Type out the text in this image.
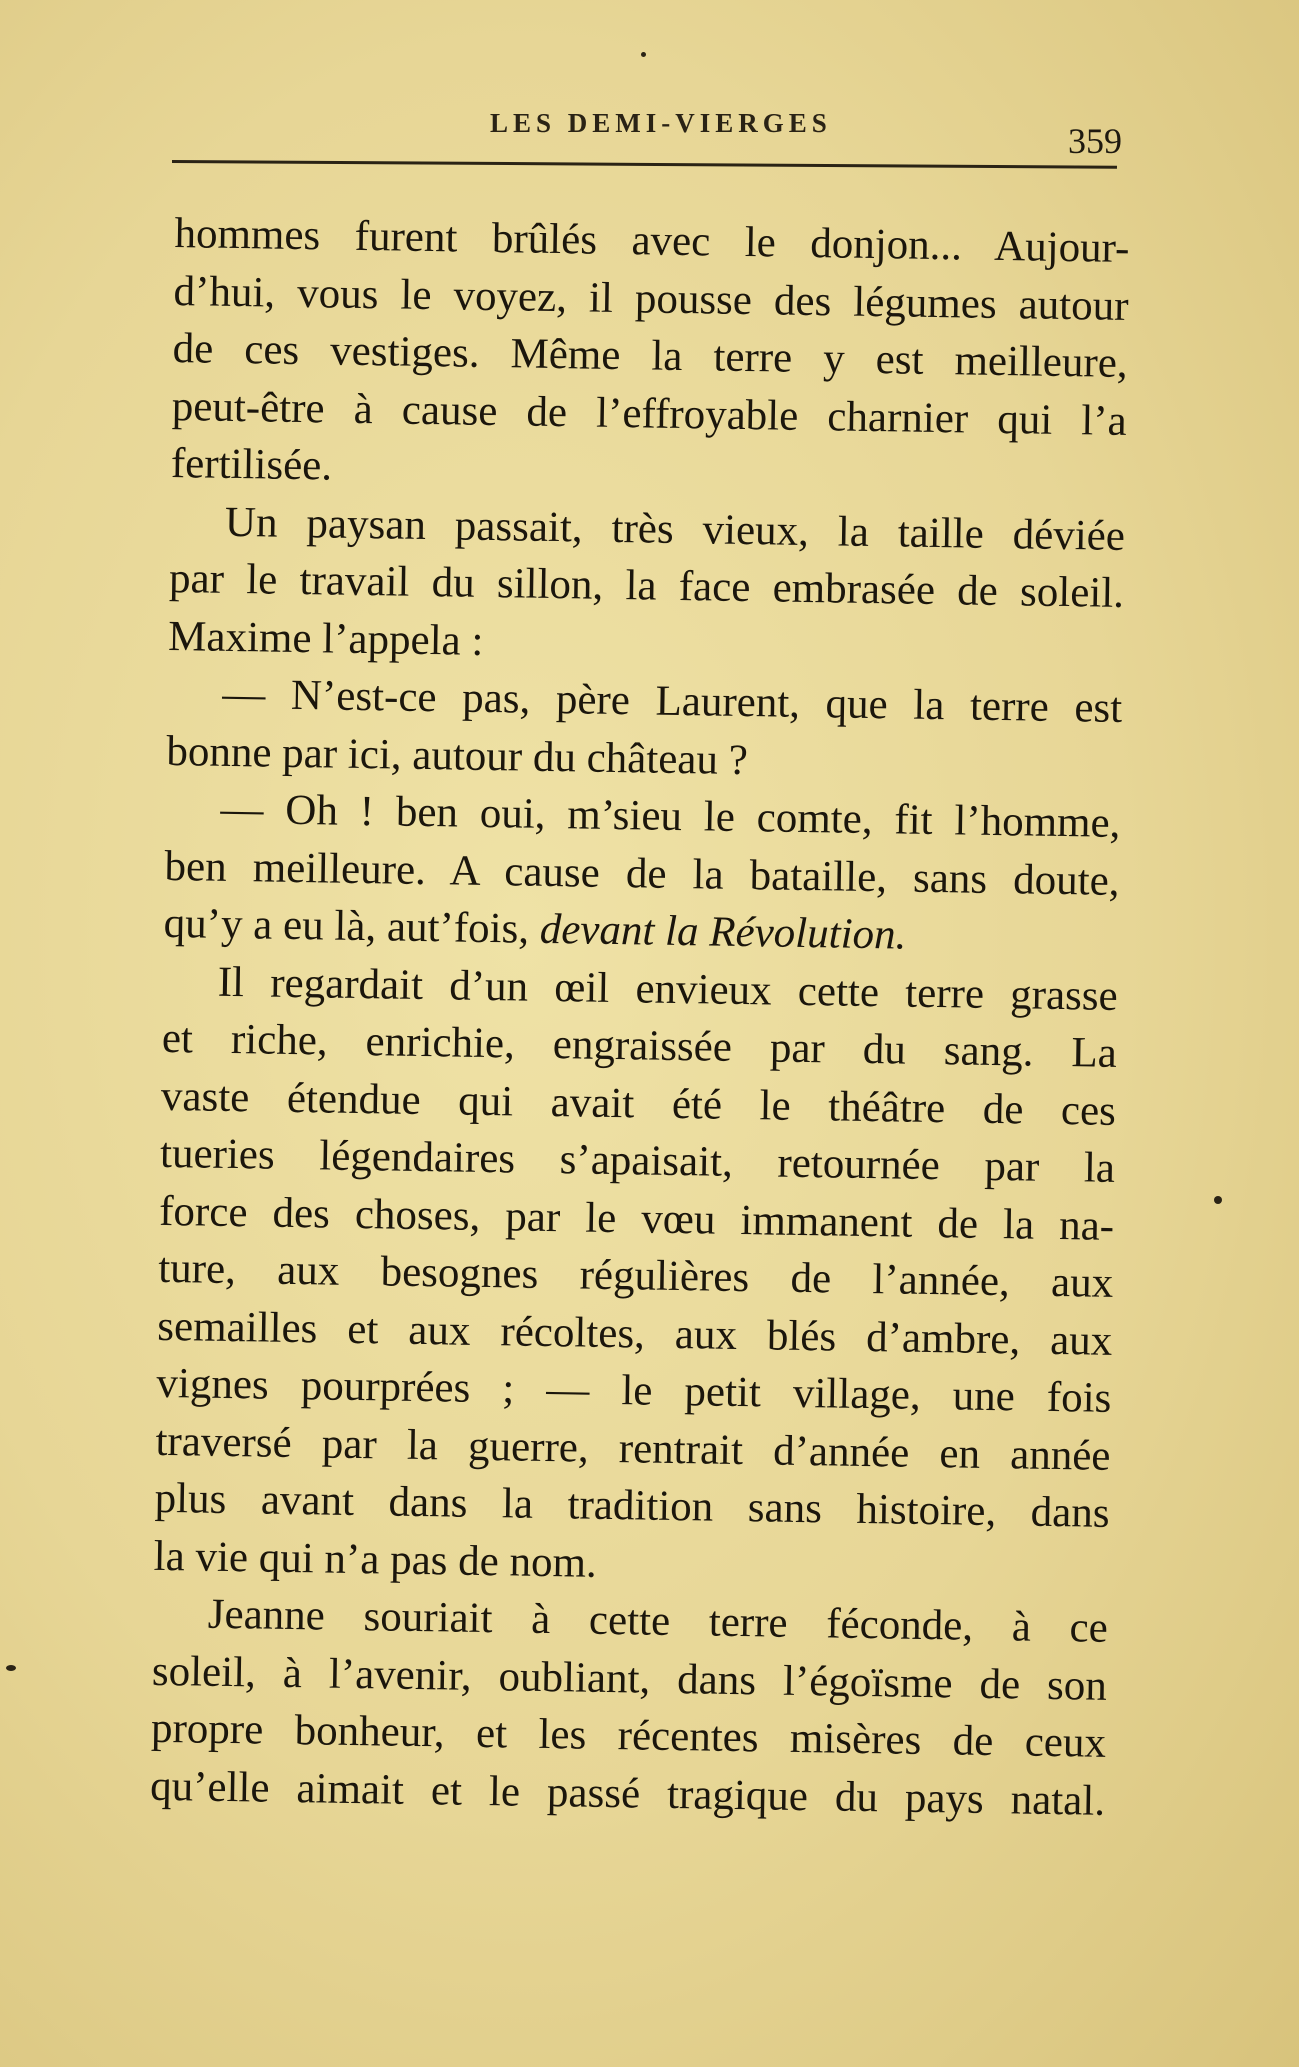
LES DEMI-VIERGES	359
hommes furent brûlés avec le donjon... Aujour-
d’hui, vous le voyez, il pousse des légumes autour
de ces vestiges. Même la terre y est meilleure,
peut-être à cause de l’effroyable charnier qui l’a
fertilisée.
Un paysan passait, très vieux, la taille déviée
par le travail du sillon, la face embrasée de soleil.
Maxime l’appela :
— N’est-ce pas, père Laurent, que la terre est
bonne par ici, autour du château ?
— Oh ! ben oui, m’sieu le comte, fit l’homme,
ben meilleure. A cause de la bataille, sans doute,
qu’y a eu là, aut’fois, devant la Révolution.
Il regardait d’un œil envieux cette terre grasse
et riche, enrichie, engraissée par du sang. La
vaste étendue qui avait été le théâtre de ces
tueries légendaires s’apaisait, retournée par la
force des choses, par le vœu immanent de la na-
ture, aux besognes régulières de l’année, aux
semailles et aux récoltes, aux blés d’ambre, aux
vignes pourprées ; — le petit village, une fois
traversé par la guerre, rentrait d’année en année
plus avant dans la tradition sans histoire, dans
la vie qui n’a pas de nom.
Jeanne souriait à cette terre féconde, à ce
soleil, à l’avenir, oubliant, dans l’égoïsme de son
propre bonheur, et les récentes misères de ceux
qu’elle aimait et le passé tragique du pays natal.
